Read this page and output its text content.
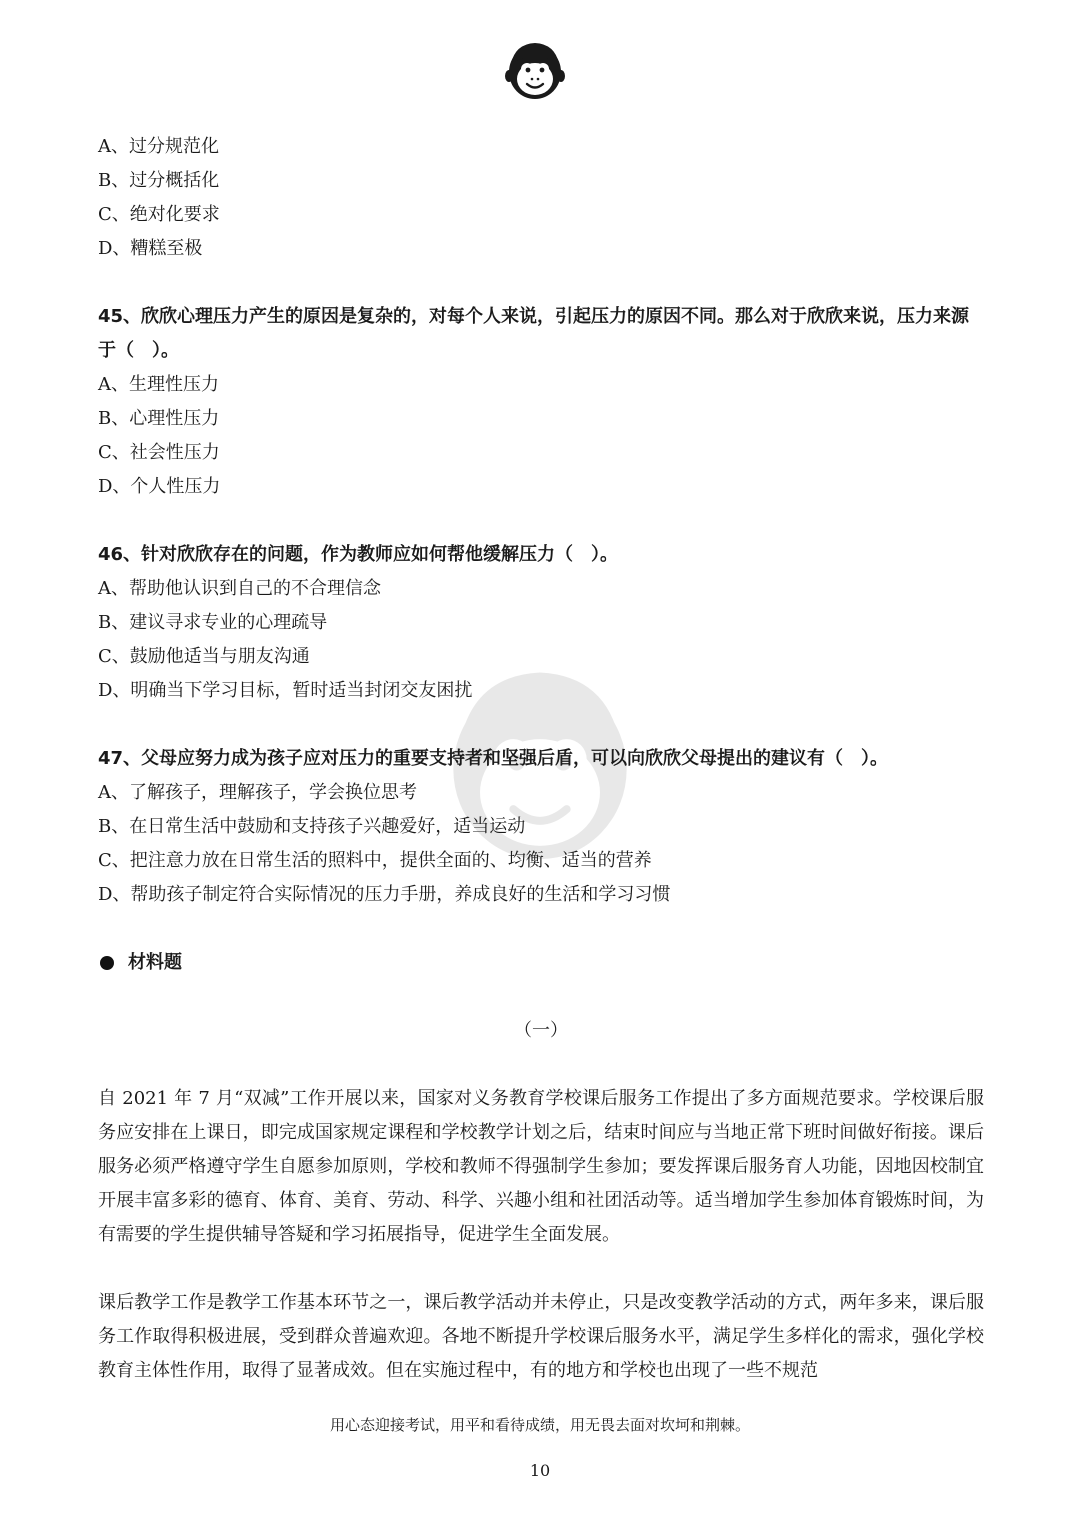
A、过分规范化
B、过分概括化
C、绝对化要求
D、糟糕至极
45、欣欣心理压力产生的原因是复杂的，对每个人来说，引起压力的原因不同。那么对于欣欣来说，压力来源于（　）。
A、生理性压力
B、心理性压力
C、社会性压力
D、个人性压力
46、针对欣欣存在的问题，作为教师应如何帮他缓解压力（　）。
A、帮助他认识到自己的不合理信念
B、建议寻求专业的心理疏导
C、鼓励他适当与朋友沟通
D、明确当下学习目标，暂时适当封闭交友困扰
47、父母应努力成为孩子应对压力的重要支持者和坚强后盾，可以向欣欣父母提出的建议有（　）。
A、了解孩子，理解孩子，学会换位思考
B、在日常生活中鼓励和支持孩子兴趣爱好，适当运动
C、把注意力放在日常生活的照料中，提供全面的、均衡、适当的营养
D、帮助孩子制定符合实际情况的压力手册，养成良好的生活和学习习惯
材料题
（一）
自 2021 年 7 月“双减”工作开展以来，国家对义务教育学校课后服务工作提出了多方面规范要求。学校课后服务应安排在上课日，即完成国家规定课程和学校教学计划之后，结束时间应与当地正常下班时间做好衔接。课后服务必须严格遵守学生自愿参加原则，学校和教师不得强制学生参加；要发挥课后服务育人功能，因地因校制宜开展丰富多彩的德育、体育、美育、劳动、科学、兴趣小组和社团活动等。适当增加学生参加体育锻炼时间，为有需要的学生提供辅导答疑和学习拓展指导，促进学生全面发展。
课后教学工作是教学工作基本环节之一，课后教学活动并未停止，只是改变教学活动的方式，两年多来，课后服务工作取得积极进展，受到群众普遍欢迎。各地不断提升学校课后服务水平，满足学生多样化的需求，强化学校教育主体性作用，取得了显著成效。但在实施过程中，有的地方和学校也出现了一些不规范
用心态迎接考试，用平和看待成绩，用无畏去面对坎坷和荆棘。
10
